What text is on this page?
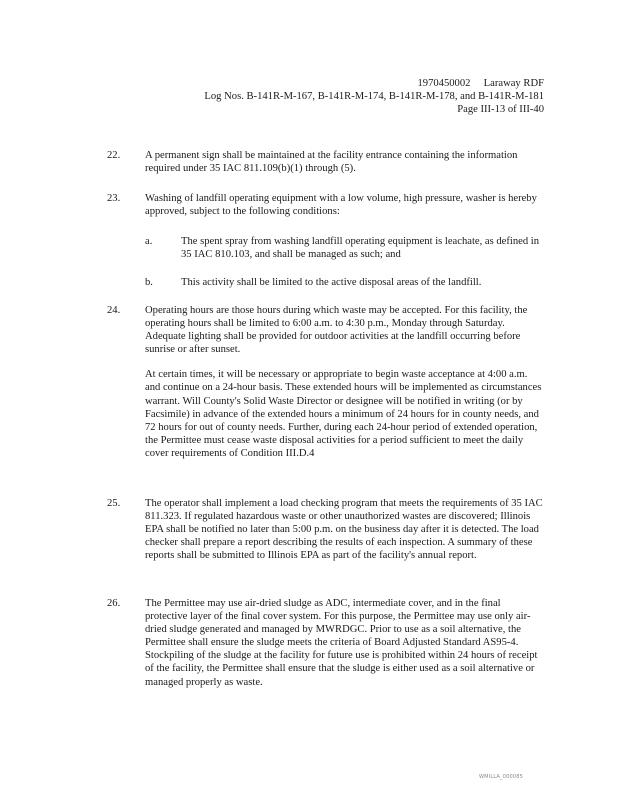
1970450002     Laraway RDF
Log Nos. B-141R-M-167, B-141R-M-174, B-141R-M-178, and B-141R-M-181
Page III-13 of III-40
22.	A permanent sign shall be maintained at the facility entrance containing the information required under 35 IAC 811.109(b)(1) through (5).

23.	Washing of landfill operating equipment with a low volume, high pressure, washer is hereby approved, subject to the following conditions:

a.	The spent spray from washing landfill operating equipment is leachate, as defined in 35 IAC 810.103, and shall be managed as such; and
b.	This activity shall be limited to the active disposal areas of the landfill.
24.	Operating hours are those hours during which waste may be accepted. For this facility, the operating hours shall be limited to 6:00 a.m. to 4:30 p.m., Monday through Saturday. Adequate lighting shall be provided for outdoor activities at the landfill occurring before sunrise or after sunset.

At certain times, it will be necessary or appropriate to begin waste acceptance at 4:00 a.m. and continue on a 24-hour basis. These extended hours will be implemented as circumstances warrant. Will County's Solid Waste Director or designee will be notified in writing (or by Facsimile) in advance of the extended hours a minimum of 24 hours for in county needs, and 72 hours for out of county needs. Further, during each 24-hour period of extended operation, the Permittee must cease waste disposal activities for a period sufficient to meet the daily cover requirements of Condition III.D.4

25.	The operator shall implement a load checking program that meets the requirements of 35 IAC 811.323. If regulated hazardous waste or other unauthorized wastes are discovered; Illinois EPA shall be notified no later than 5:00 p.m. on the business day after it is detected. The load checker shall prepare a report describing the results of each inspection. A summary of these reports shall be submitted to Illinois EPA as part of the facility's annual report.

26.	The Permittee may use air-dried sludge as ADC, intermediate cover, and in the final protective layer of the final cover system. For this purpose, the Permittee may use only air-dried sludge generated and managed by MWRDGC. Prior to use as a soil alternative, the Permittee shall ensure the sludge meets the criteria of Board Adjusted Standard AS95-4. Stockpiling of the sludge at the facility for future use is prohibited within 24 hours of receipt of the facility, the Permittee shall ensure that the sludge is either used as a soil alternative or managed properly as waste.

WMILLA_000085
